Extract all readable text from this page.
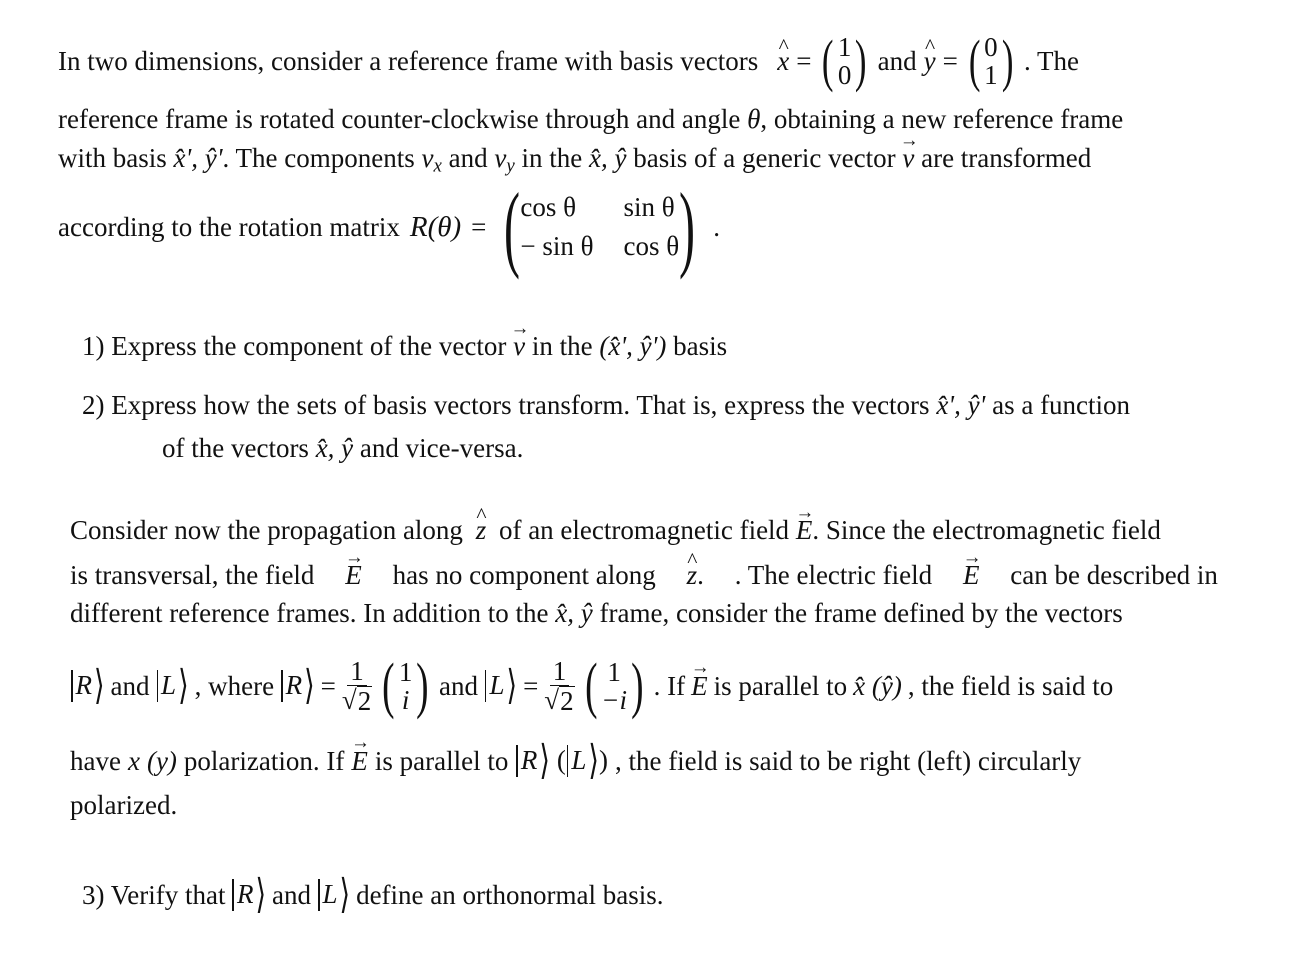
In two dimensions, consider a reference frame with basis vectors ^ x = ( 1
0 ) and ^ y = ( 0
1 ) . The
reference frame is rotated counter-clockwise through and angle θ, obtaining a new reference frame
with basis x̂', ŷ'. The components $v_x$ and $v_y$ in the x̂, ŷ basis of a generic vector → v are transformed
according to the rotation matrix R(θ) = ( cos θ	sin θ
− sin θ cos θ ) .
1) Express the component of the vector → v in the (x̂', ŷ') basis
2) Express how the sets of basis vectors transform. That is, express the vectors x̂', ŷ' as a function
of the vectors x̂, ŷ and vice-versa.
Consider now the propagation along ^ z of an electromagnetic field → E. Since the electromagnetic field
is transversal, the field → E has no component along ^ z. . The electric field → E can be described in
different reference frames. In addition to the x̂, ŷ frame, consider the frame defined by the vectors
R ⟩ and L ⟩ , where R ⟩ = $\frac{1}{√ 2}$ ( 1
i ) and L ⟩ = $\frac{1}{√ 2}$ ( 1
−i ) . If → E is parallel to x̂ (ŷ) , the field is said to
have x (y) polarization. If → E is parallel to R ⟩ ( L ⟩ ) , the field is said to be right (left) circularly
polarized.
3) Verify that R ⟩ and L ⟩ define an orthonormal basis.
